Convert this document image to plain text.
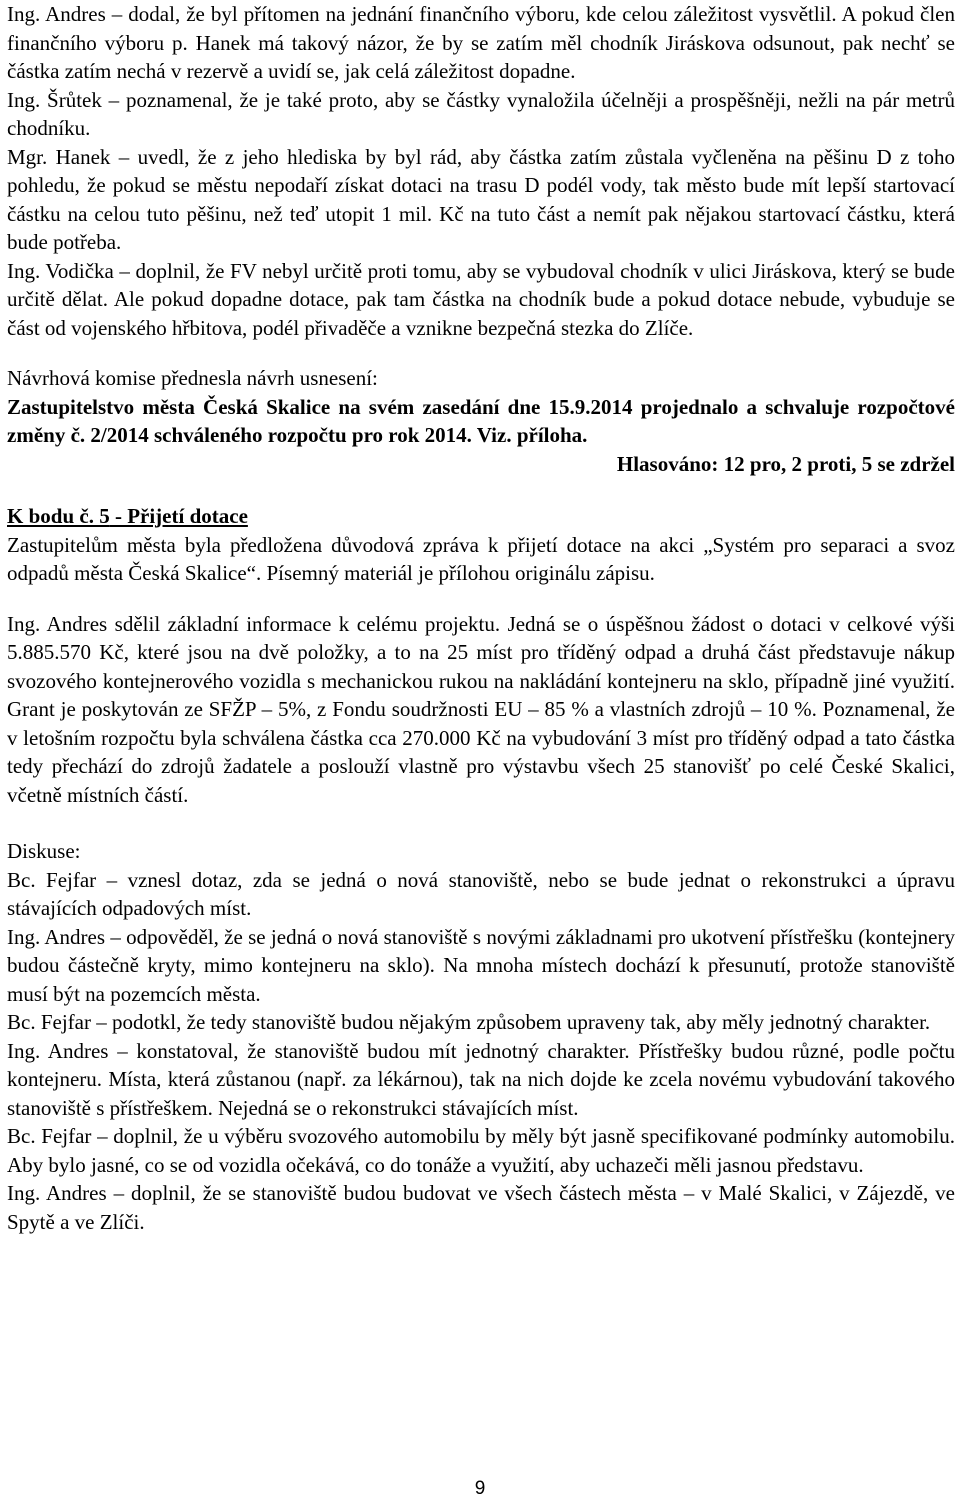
Ing. Andres – dodal, že byl přítomen na jednání finančního výboru, kde celou záležitost vysvětlil. A pokud člen finančního výboru p. Hanek má takový názor, že by se zatím měl chodník Jiráskova odsunout, pak nechť se částka zatím nechá v rezervě a uvidí se, jak celá záležitost dopadne.

Ing. Šrůtek – poznamenal, že je také proto, aby se částky vynaložila účelněji a prospěšněji, nežli na pár metrů chodníku.

Mgr. Hanek – uvedl, že z jeho hlediska by byl rád, aby částka zatím zůstala vyčleněna na pěšinu D z toho pohledu, že pokud se městu nepodaří získat dotaci na trasu D podél vody, tak město bude mít lepší startovací částku na celou tuto pěšinu, než teď utopit 1 mil. Kč na tuto část a nemít pak nějakou startovací částku, která bude potřeba.

Ing. Vodička – doplnil, že FV nebyl určitě proti tomu, aby se vybudoval chodník v ulici Jiráskova, který se bude určitě dělat. Ale pokud dopadne dotace, pak tam částka na chodník bude a pokud dotace nebude, vybuduje se část od vojenského hřbitova, podél přivaděče a vznikne bezpečná stezka do Zlíče.

Návrhová komise přednesla návrh usnesení:

Zastupitelstvo města Česká Skalice na svém zasedání dne 15.9.2014 projednalo a schvaluje rozpočtové změny č. 2/2014 schváleného rozpočtu pro rok 2014. Viz. příloha.

Hlasováno: 12 pro, 2 proti, 5 se zdržel

K bodu č. 5 - Přijetí dotace

Zastupitelům města byla předložena důvodová zpráva k přijetí dotace na akci „Systém pro separaci a svoz odpadů města Česká Skalice“. Písemný materiál je přílohou originálu zápisu.

Ing. Andres sdělil základní informace k celému projektu. Jedná se o úspěšnou žádost o dotaci v celkové výši 5.885.570 Kč, které jsou na dvě položky, a to na 25 míst pro tříděný odpad a druhá část představuje nákup svozového kontejnerového vozidla s mechanickou rukou na nakládání kontejneru na sklo, případně jiné využití. Grant je poskytován ze SFŽP – 5%, z Fondu soudržnosti EU – 85 % a vlastních zdrojů – 10 %. Poznamenal, že v letošním rozpočtu byla schválena částka cca 270.000 Kč na vybudování 3 míst pro tříděný odpad a tato částka tedy přechází do zdrojů žadatele a poslouží vlastně pro výstavbu všech 25 stanovišť po celé České Skalici, včetně místních částí.

Diskuse:

Bc. Fejfar – vznesl dotaz, zda se jedná o nová stanoviště, nebo se bude jednat o rekonstrukci a úpravu stávajících odpadových míst.

Ing. Andres – odpověděl, že se jedná o nová stanoviště s novými základnami pro ukotvení přístřešku (kontejnery budou částečně kryty, mimo kontejneru na sklo). Na mnoha místech dochází k přesunutí, protože stanoviště musí být na pozemcích města.

Bc. Fejfar – podotkl, že tedy stanoviště budou nějakým způsobem upraveny tak, aby měly jednotný charakter.

Ing. Andres – konstatoval, že stanoviště budou mít jednotný charakter. Přístřešky budou různé, podle počtu kontejneru. Místa, která zůstanou (např. za lékárnou), tak na nich dojde ke zcela novému vybudování takového stanoviště s přístřeškem. Nejedná se o rekonstrukci stávajících míst.

Bc. Fejfar – doplnil, že u výběru svozového automobilu by měly být jasně specifikované podmínky automobilu. Aby bylo jasné, co se od vozidla očekává, co do tonáže a využití, aby uchazeči měli jasnou představu.

Ing. Andres – doplnil, že se stanoviště budou budovat ve všech částech města – v Malé Skalici, v Zájezdě, ve Spytě a ve Zlíči.

9
